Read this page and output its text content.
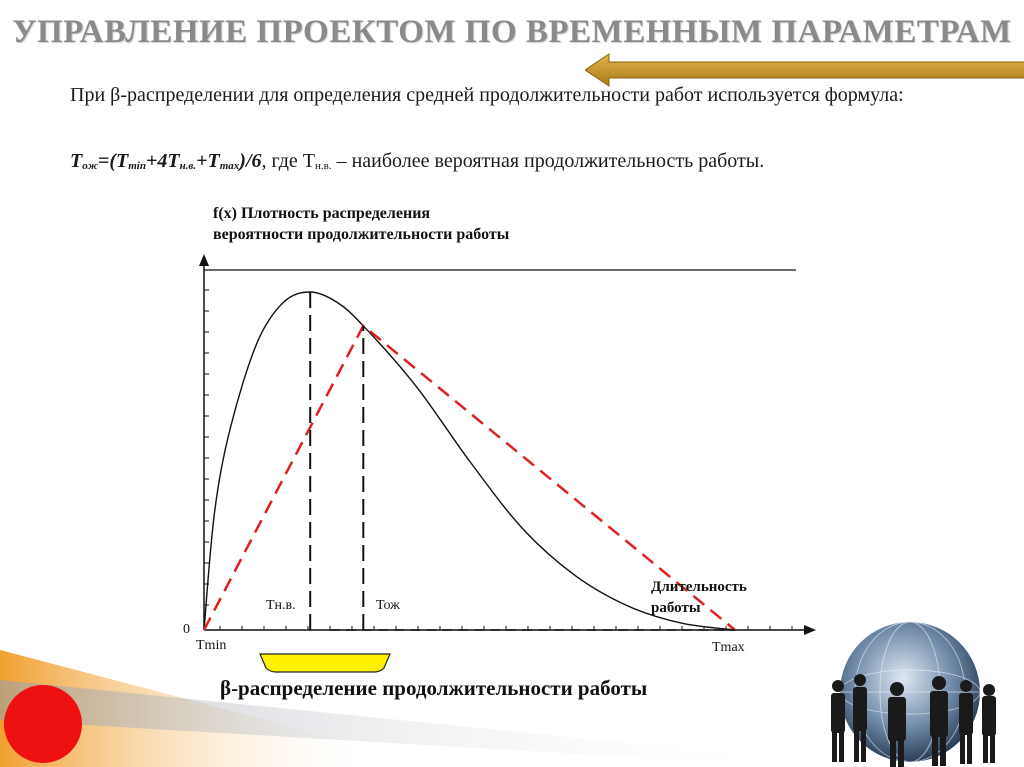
УПРАВЛЕНИЕ ПРОЕКТОМ ПО ВРЕМЕННЫМ ПАРАМЕТРАМ
При β-распределении для определения средней продолжительности работ используется формула:
$T_{ож}=(T_{min}+4T_{н.в.}+T_{max})/6$, где $T_{н.в.}$ – наиболее вероятная продолжительность работы.
f(x) Плотность распределения вероятности продолжительности работы
0
Tmin
Tн.в.	Тож
Tmax
Длительность работы
β-распределение продолжительности работы
